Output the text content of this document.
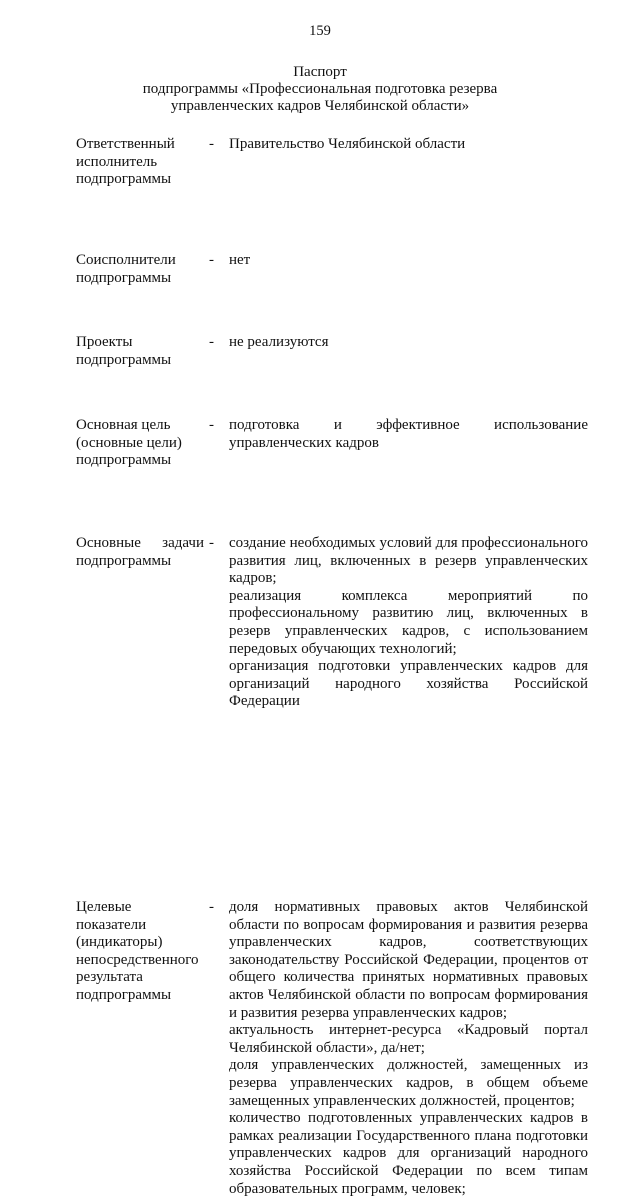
159
Паспорт
подпрограммы «Профессиональная подготовка резерва
управленческих кадров Челябинской области»
Ответственный
исполнитель
подпрограммы
- Правительство Челябинской области
Соисполнители
подпрограммы
- нет
Проекты
подпрограммы
- не реализуются
Основная цель
(основные цели)
подпрограммы
- подготовка и эффективное использование
управленческих кадров
Основные задачи
подпрограммы
- создание необходимых условий для профессионального
развития лиц, включенных в резерв управленческих
кадров;
реализация комплекса мероприятий по
профессиональному развитию лиц, включенных в
резерв управленческих кадров, с использованием
передовых обучающих технологий;
организация подготовки управленческих кадров для
организаций народного хозяйства Российской
Федерации
Целевые
показатели
(индикаторы)
непосредственного
результата
подпрограммы
- доля нормативных правовых актов Челябинской
области по вопросам формирования и развития резерва
управленческих кадров, соответствующих
законодательству Российской Федерации, процентов от
общего количества принятых нормативных правовых
актов Челябинской области по вопросам формирования
и развития резерва управленческих кадров;
актуальность интернет-ресурса «Кадровый портал
Челябинской области», да/нет;
доля управленческих должностей, замещенных из
резерва управленческих кадров, в общем объеме
замещенных управленческих должностей, процентов;
количество подготовленных управленческих кадров в
рамках реализации Государственного плана подготовки
управленческих кадров для организаций народного
хозяйства Российской Федерации по всем типам
образовательных программ, человек;
